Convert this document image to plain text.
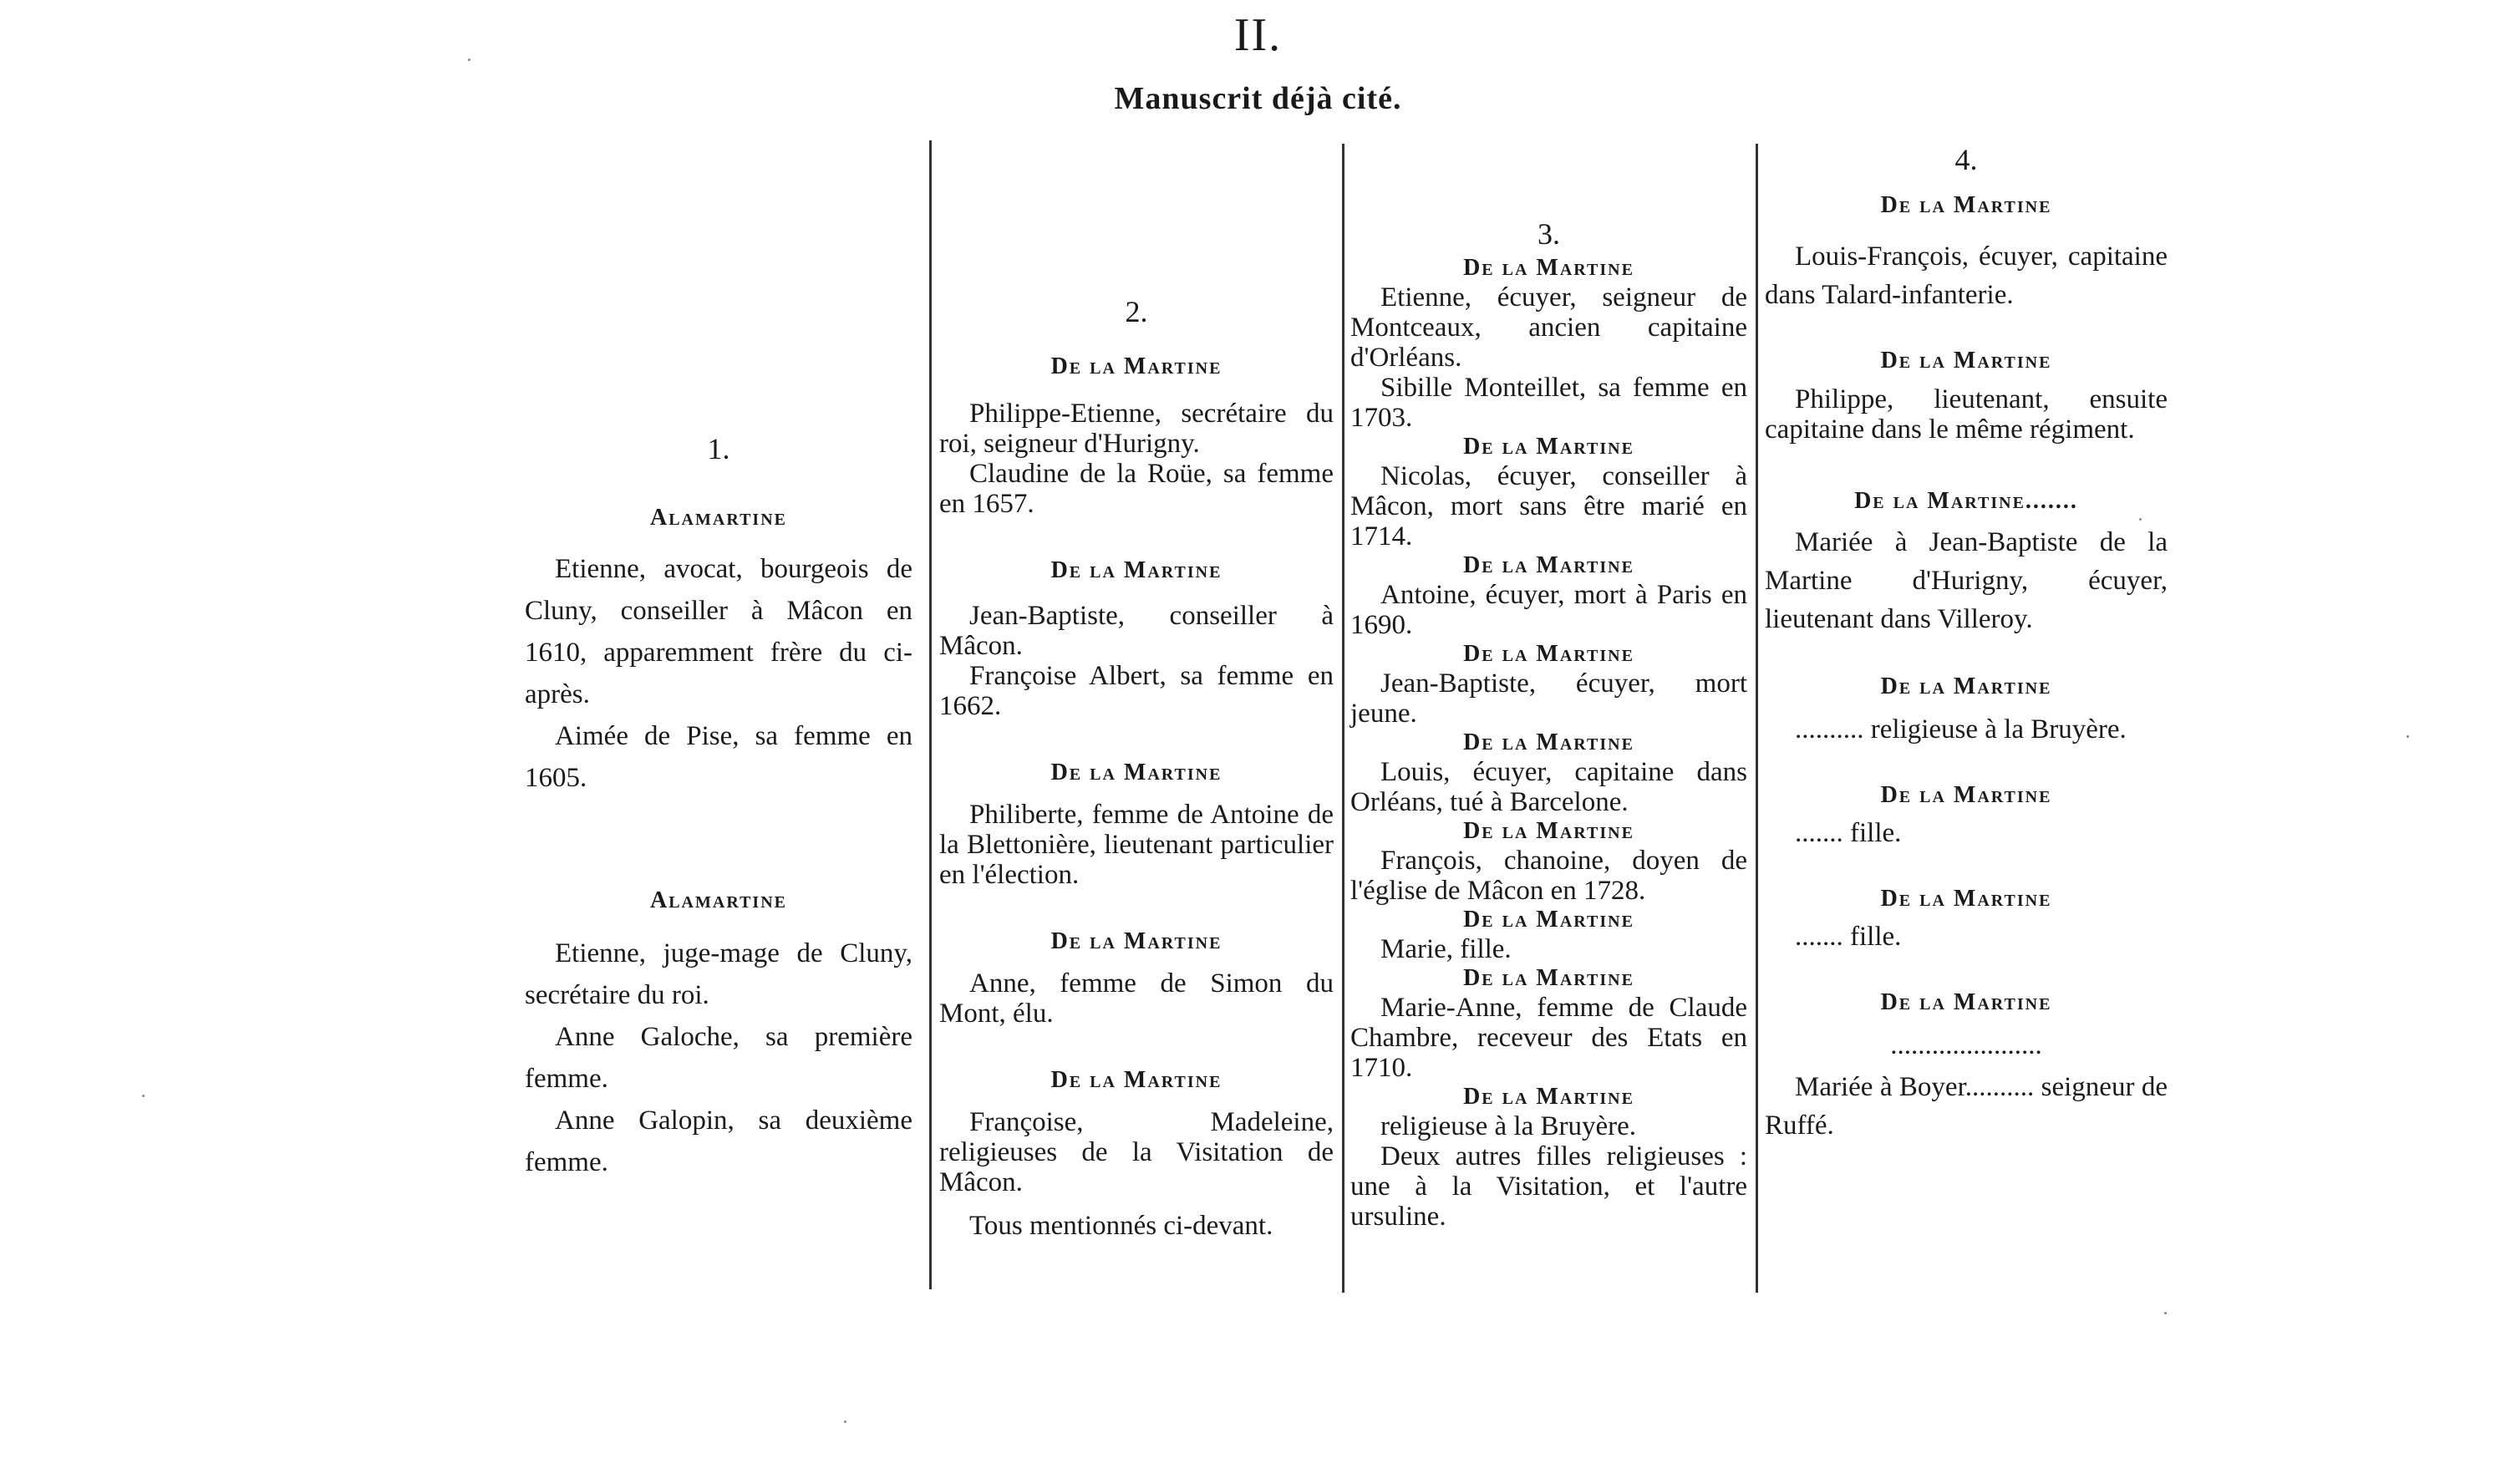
II.
Manuscrit déjà cité.

1.

Alamartine

Etienne, avocat, bourgeois de Cluny, conseiller à Mâcon en 1610, apparemment frère du ci-après.

Aimée de Pise, sa femme en 1605.

Alamartine

Etienne, juge-mage de Cluny, secrétaire du roi.

Anne Galoche, sa première femme.

Anne Galopin, sa deuxième femme.

2.

De la Martine

Philippe-Etienne, secrétaire du roi, seigneur d'Hurigny.

Claudine de la Roüe, sa femme en 1657.

De la Martine

Jean-Baptiste, conseiller à Mâcon.

Françoise Albert, sa femme en 1662.

De la Martine

Philiberte, femme de Antoine de la Blettonière, lieutenant particulier en l'élection.

De la Martine

Anne, femme de Simon du Mont, élu.

De la Martine

Françoise, Madeleine, religieuses de la Visitation de Mâcon.

Tous mentionnés ci-devant.

3.

De la Martine

Etienne, écuyer, seigneur de Montceaux, ancien capitaine d'Orléans.

Sibille Monteillet, sa femme en 1703.

De la Martine

Nicolas, écuyer, conseiller à Mâcon, mort sans être marié en 1714.

De la Martine

Antoine, écuyer, mort à Paris en 1690.

De la Martine

Jean-Baptiste, écuyer, mort jeune.

De la Martine

Louis, écuyer, capitaine dans Orléans, tué à Barcelone.

De la Martine

François, chanoine, doyen de l'église de Mâcon en 1728.

De la Martine

Marie, fille.

De la Martine

Marie-Anne, femme de Claude Chambre, receveur des Etats en 1710.

De la Martine

religieuse à la Bruyère.

Deux autres filles religieuses : une à la Visitation, et l'autre ursuline.

4.

De la Martine

Louis-François, écuyer, capitaine dans Talard-infanterie.

De la Martine

Philippe, lieutenant, ensuite capitaine dans le même régiment.

De la Martine.......

Mariée à Jean-Baptiste de la Martine d'Hurigny, écuyer, lieutenant dans Villeroy.

De la Martine

.......... religieuse à la Bruyère.

De la Martine

....... fille.

De la Martine

....... fille.

De la Martine

......................

Mariée à Boyer.......... seigneur de Ruffé.
